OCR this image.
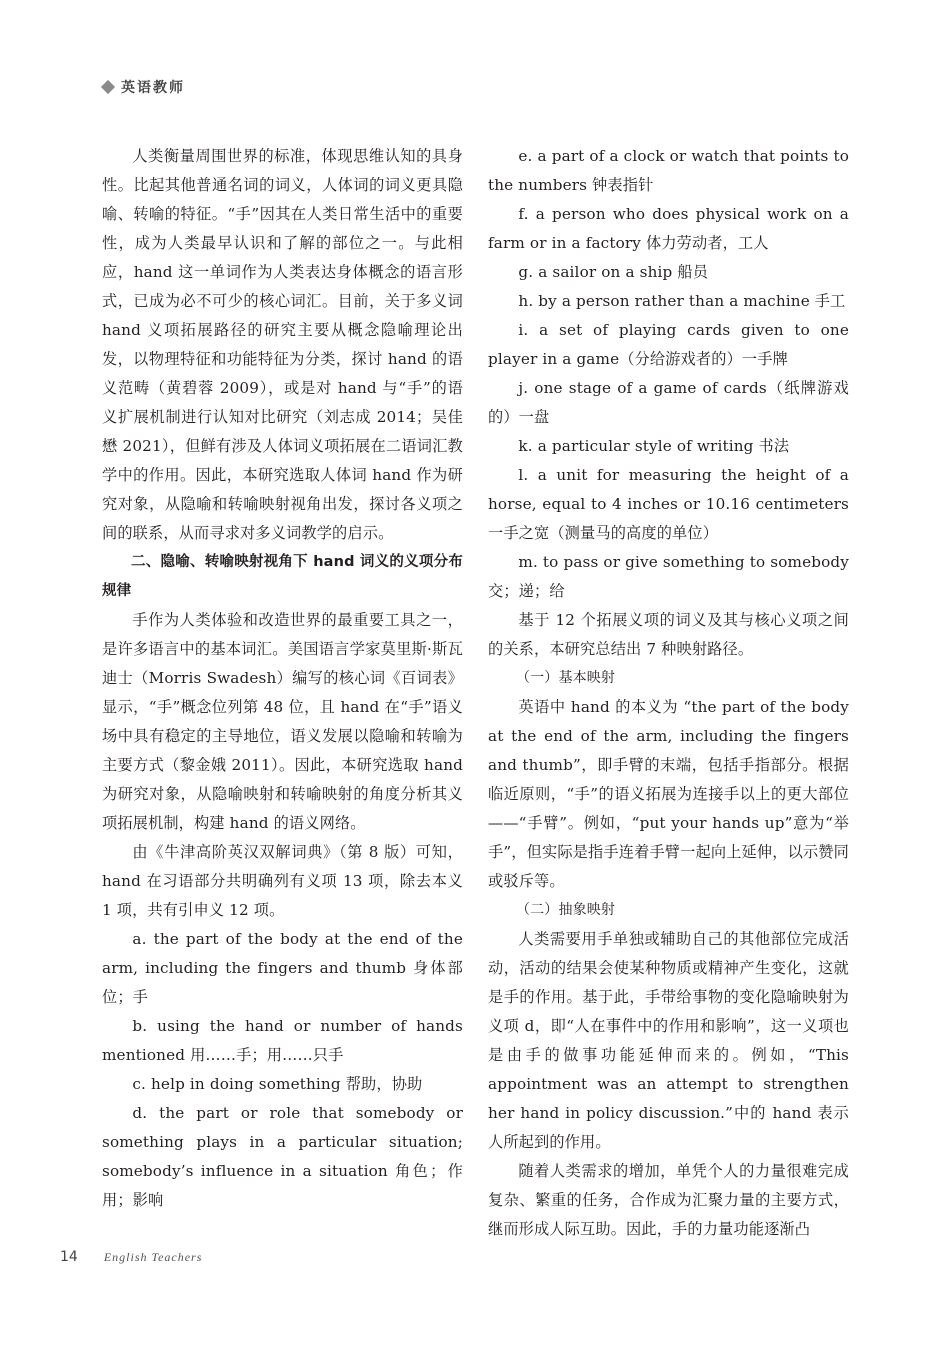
英语教师

人类衡量周围世界的标准，体现思维认知的具身性。比起其他普通名词的词义，人体词的词义更具隐喻、转喻的特征。“手”因其在人类日常生活中的重要性，成为人类最早认识和了解的部位之一。与此相应，hand 这一单词作为人类表达身体概念的语言形式，已成为必不可少的核心词汇。目前，关于多义词 hand 义项拓展路径的研究主要从概念隐喻理论出发，以物理特征和功能特征为分类，探讨 hand 的语义范畴（黄碧蓉 2009），或是对 hand 与“手”的语义扩展机制进行认知对比研究（刘志成 2014；吴佳懋 2021），但鲜有涉及人体词义项拓展在二语词汇教学中的作用。因此，本研究选取人体词 hand 作为研究对象，从隐喻和转喻映射视角出发，探讨各义项之间的联系，从而寻求对多义词教学的启示。

二、隐喻、转喻映射视角下 hand 词义的义项分布规律

手作为人类体验和改造世界的最重要工具之一，是许多语言中的基本词汇。美国语言学家莫里斯·斯瓦迪士（Morris Swadesh）编写的核心词《百词表》显示，“手”概念位列第 48 位，且 hand 在“手”语义场中具有稳定的主导地位，语义发展以隐喻和转喻为主要方式（黎金娥 2011）。因此，本研究选取 hand 为研究对象，从隐喻映射和转喻映射的角度分析其义项拓展机制，构建 hand 的语义网络。

由《牛津高阶英汉双解词典》（第 8 版）可知，hand 在习语部分共明确列有义项 13 项，除去本义 1 项，共有引申义 12 项。

a. the part of the body at the end of the arm, including the fingers and thumb 身体部位；手

b. using the hand or number of hands mentioned 用……手；用……只手

c. help in doing something 帮助，协助

d. the part or role that somebody or something plays in a particular situation; somebody’s influence in a situation 角色；作用；影响

e. a part of a clock or watch that points to the numbers 钟表指针

f. a person who does physical work on a farm or in a factory 体力劳动者，工人

g. a sailor on a ship 船员

h. by a person rather than a machine 手工

i. a set of playing cards given to one player in a game（分给游戏者的）一手牌

j. one stage of a game of cards（纸牌游戏的）一盘

k. a particular style of writing 书法

l. a unit for measuring the height of a horse, equal to 4 inches or 10.16 centimeters 一手之宽（测量马的高度的单位）

m. to pass or give something to somebody 交；递；给

基于 12 个拓展义项的词义及其与核心义项之间的关系，本研究总结出 7 种映射路径。

（一）基本映射

英语中 hand 的本义为 “the part of the body at the end of the arm, including the fingers and thumb”，即手臂的末端，包括手指部分。根据临近原则，“手”的语义拓展为连接手以上的更大部位——“手臂”。例如，“put your hands up”意为“举手”，但实际是指手连着手臂一起向上延伸，以示赞同或驳斥等。

（二）抽象映射

人类需要用手单独或辅助自己的其他部位完成活动，活动的结果会使某种物质或精神产生变化，这就是手的作用。基于此，手带给事物的变化隐喻映射为义项 d，即“人在事件中的作用和影响”，这一义项也是由手的做事功能延伸而来的。例如，“This appointment was an attempt to strengthen her hand in policy discussion.”中的 hand 表示人所起到的作用。

随着人类需求的增加，单凭个人的力量很难完成复杂、繁重的任务，合作成为汇聚力量的主要方式，继而形成人际互助。因此，手的力量功能逐渐凸

14 English Teachers
